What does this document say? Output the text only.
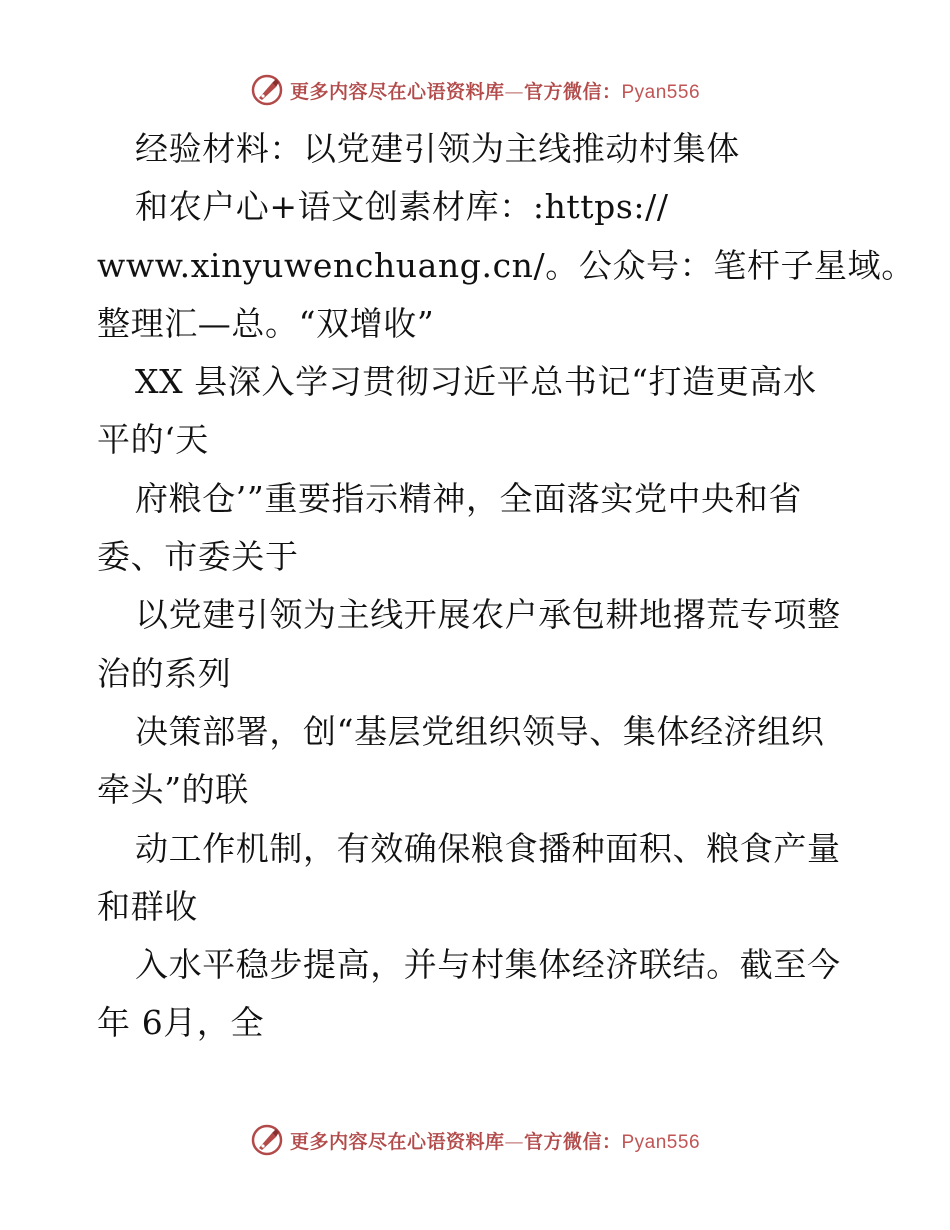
更多内容尽在心语资料库—官方微信：Pyan556
经验材料：以党建引领为主线推动村集体
和农户心+语文创素材库：:https://
www.xinyuwenchuang.cn/。公众号：笔杆子星域。
整理汇—总。“双增收”
XX 县深入学习贯彻习近平总书记“打造更高水
平的‘天
府粮仓’”重要指示精神，全面落实党中央和省
委、市委关于
以党建引领为主线开展农户承包耕地撂荒专项整
治的系列
决策部署，创“基层党组织领导、集体经济组织
牵头”的联
动工作机制，有效确保粮食播种面积、粮食产量
和群收
入水平稳步提高，并与村集体经济联结。截至今
年 6月，全
更多内容尽在心语资料库—官方微信：Pyan556
